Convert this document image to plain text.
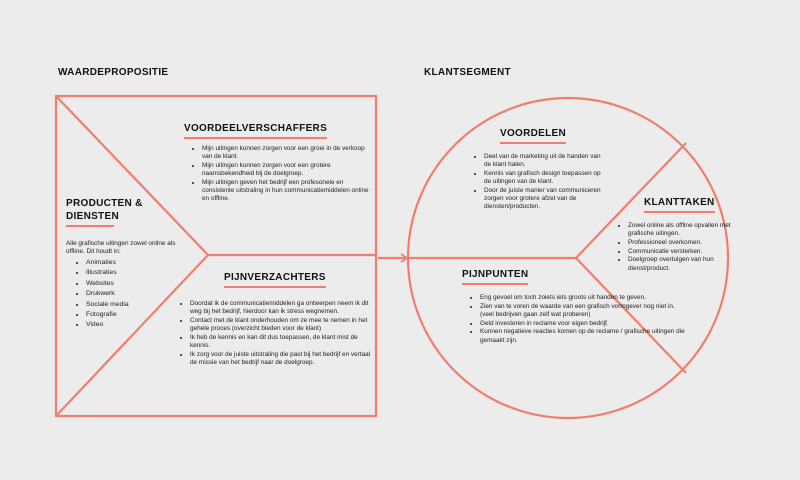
WAARDEPROPOSITIE	KLANTSEGMENT
VOORDEELVERSCHAFFERS
• Mijn uitingen kunnen zorgen voor een groei in de verkoop van de klant.
• Mijn uitingen kunnen zorgen voor een grotere naamsbekendheid bij de doelgroep.
• Mijn uitingen geven het bedrijf een profesonele en consistente uitstraling in hun communicatiemiddelen online en offline.
PRODUCTEN &
DIENSTEN
Alle grafische uitingen zowel online als offline. Dit houdt in:
• Animaties
• Illustraties
• Websites
• Drukwerk
• Sociale media
• Fotografie
• Video
PIJNVERZACHTERS
• Doordat ik de communicatiemiddelen ga ontwerpen neem ik dit weg bij het bedrijf, hierdoor kan ik stress wegnemen.
• Contact met de klant onderhouden om ze mee te nemen in het gehele proces (overzicht bieden voor de klant)
• Ik heb de kennis en kan dit dus toepassen, de klant mist de kennis.
• Ik zorg voor de juiste uitstraling die past bij het bedrijf en vertaal de missie van het bedrijf naar de doelgroep.
VOORDELEN
• Deel van de marketing uit de handen van de klant halen.
• Kennis van grafisch design toepassen op de uitingen van de klant.
• Door de juiste manier van communiceren zorgen voor grotere afzet van de diensten/producten.	KLANTTAKEN
• Zowel online als offline opvallen met grafische uitingen.
• Professioneel overkomen.
• Communicatie versterken.
• Doelgroep overtuigen van hun dienst/product.
PIJNPUNTEN
• Eng gevoel om toch zoiets iets groots uit handen te geven.
• Zien van te voren de waarde van een grafisch vormgever nog niet in. (veel bedrijven gaan zelf wat proberen)
• Geld investeren in reclame voor eigen bedrijf.
• Kunnen negatieve reacties komen op de reclame / grafische uitingen die gemaakt zijn.
